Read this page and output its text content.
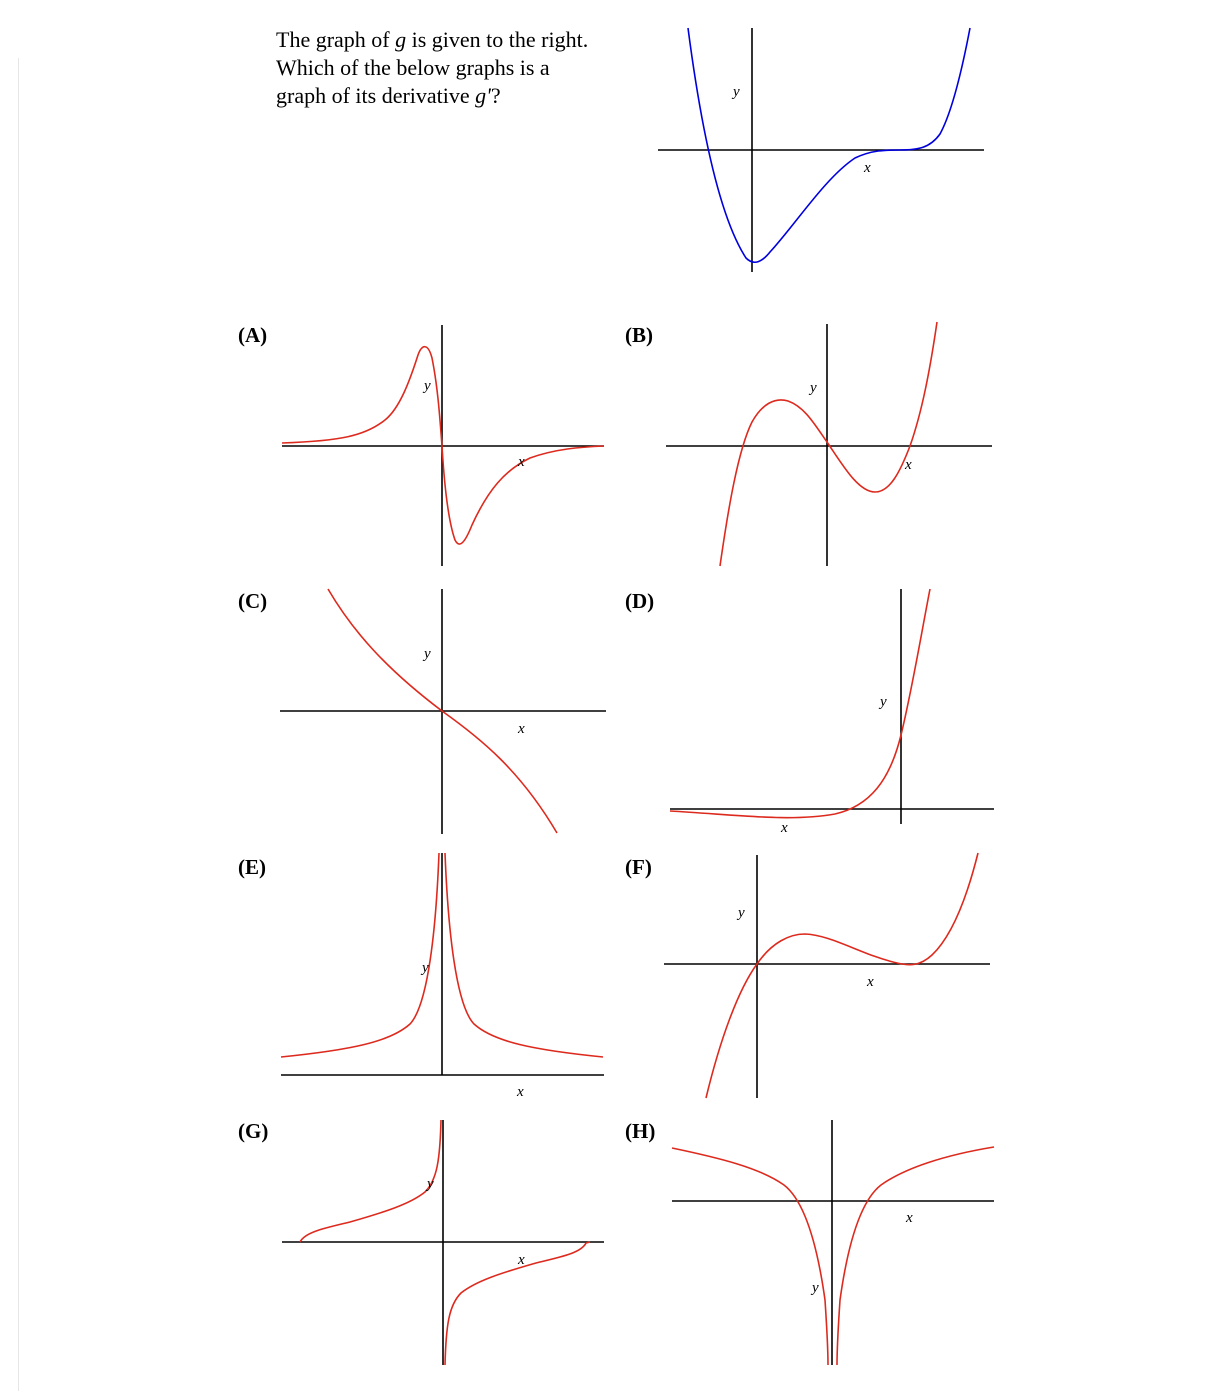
The graph of g is given to the right.
Which of the below graphs is a
graph of its derivative g'?
(A)	(B)
(C)	(D)
(E)	(F)
(G)	(H)
y
x
y
x
y
x
y
x
y
x
y
x
y
x
y
x
y
x
